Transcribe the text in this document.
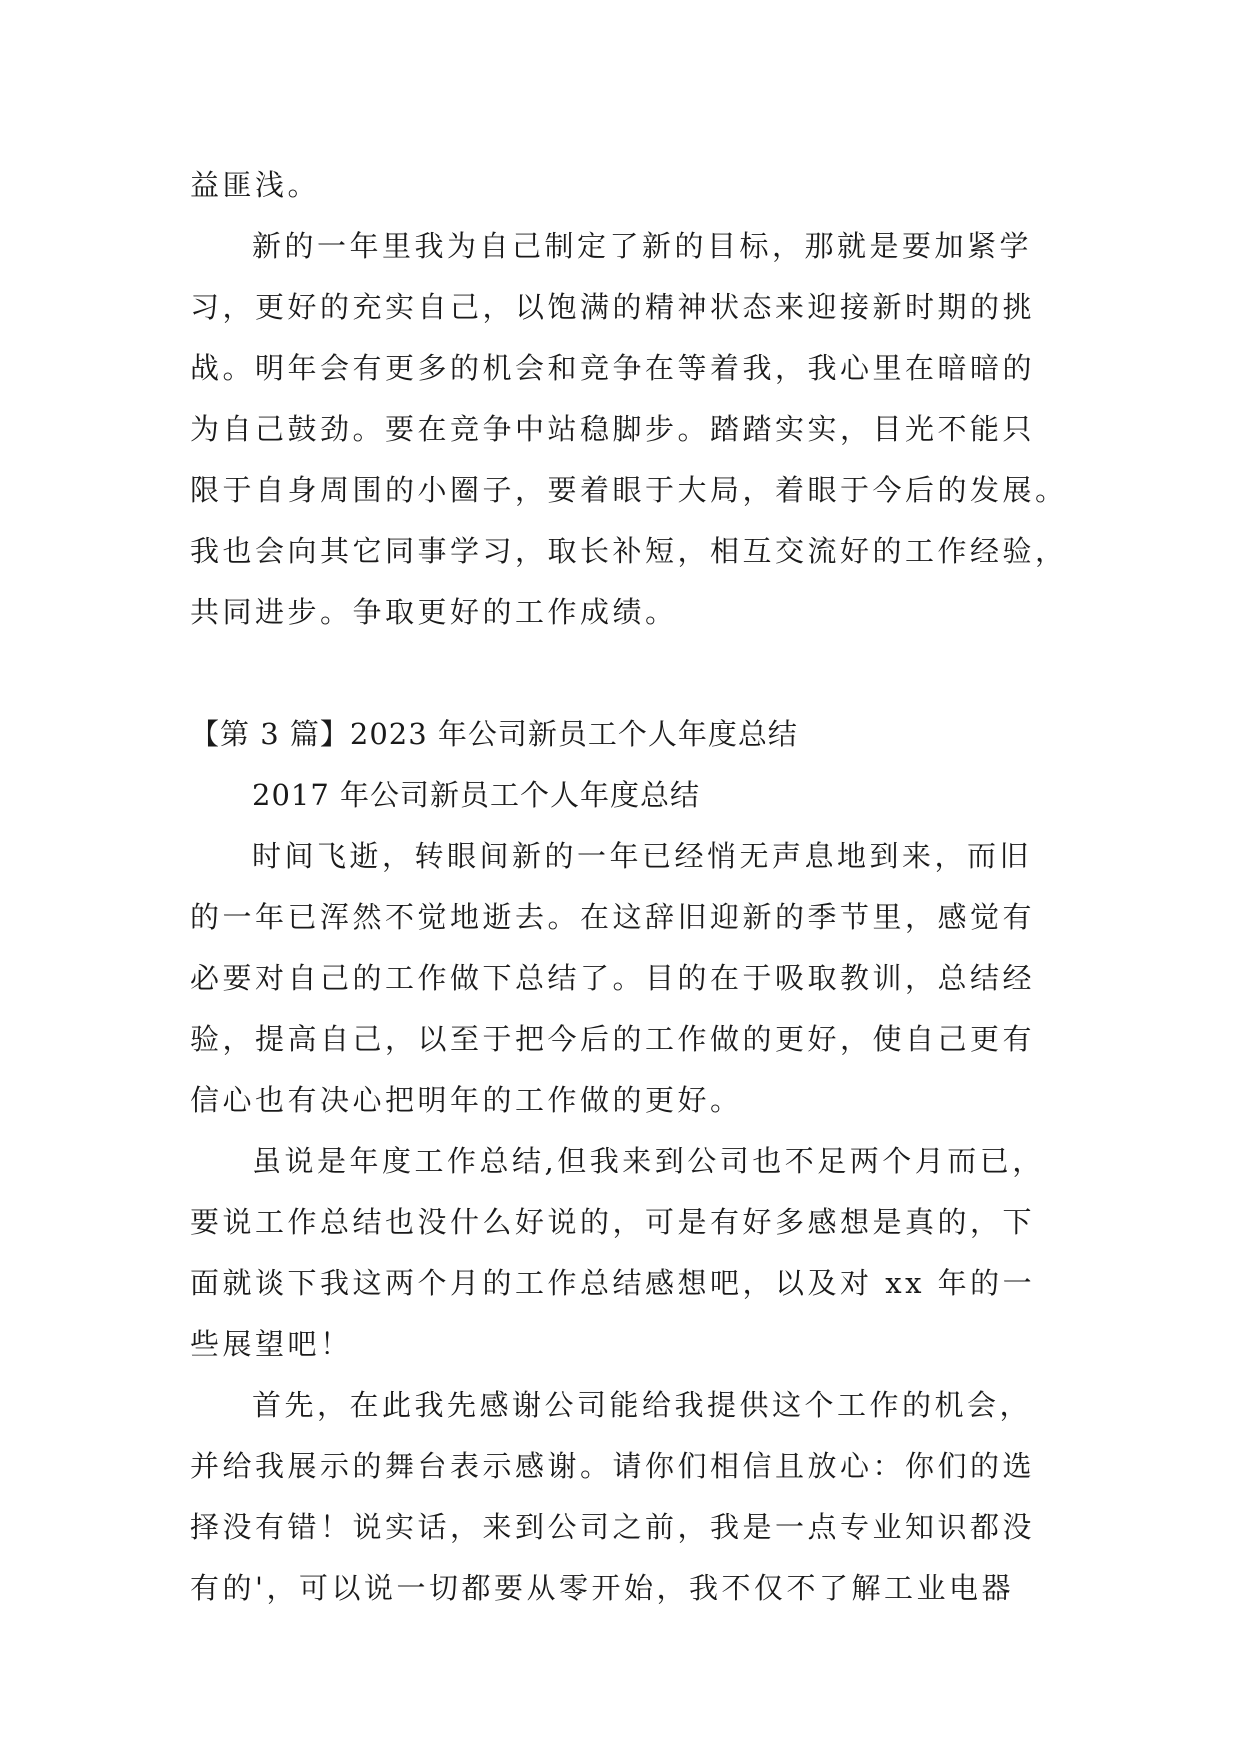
益匪浅。
新的一年里我为自己制定了新的目标，那就是要加紧学
习，更好的充实自己，以饱满的精神状态来迎接新时期的挑
战。明年会有更多的机会和竞争在等着我，我心里在暗暗的
为自己鼓劲。要在竞争中站稳脚步。踏踏实实，目光不能只
限于自身周围的小圈子，要着眼于大局，着眼于今后的发展。
我也会向其它同事学习，取长补短，相互交流好的工作经验，
共同进步。争取更好的工作成绩。
【第 3 篇】2023 年公司新员工个人年度总结
2017 年公司新员工个人年度总结
时间飞逝，转眼间新的一年已经悄无声息地到来，而旧
的一年已浑然不觉地逝去。在这辞旧迎新的季节里，感觉有
必要对自己的工作做下总结了。目的在于吸取教训，总结经
验，提高自己，以至于把今后的工作做的更好，使自己更有
信心也有决心把明年的工作做的更好。
虽说是年度工作总结,但我来到公司也不足两个月而已，
要说工作总结也没什么好说的，可是有好多感想是真的，下
面就谈下我这两个月的工作总结感想吧，以及对 xx 年的一
些展望吧！
首先，在此我先感谢公司能给我提供这个工作的机会，
并给我展示的舞台表示感谢。请你们相信且放心：你们的选
择没有错！说实话，来到公司之前，我是一点专业知识都没
有的'，可以说一切都要从零开始，我不仅不了解工业电器
